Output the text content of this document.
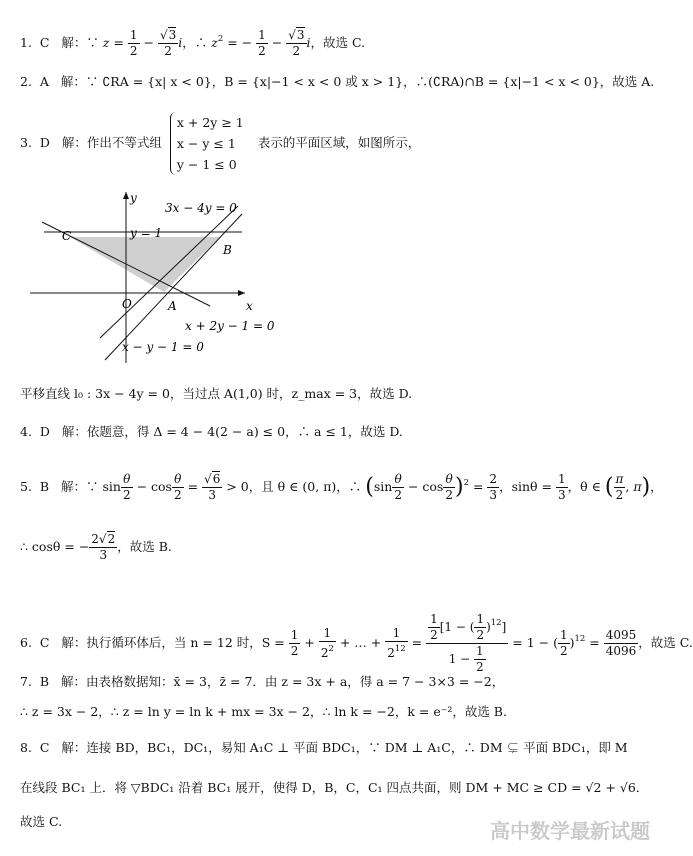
1. C 解：∵ $z = \frac{1}{2} - \frac{√3}{2}$ i，∴ $z^2$ = − $\frac{1}{2} - \frac{√3}{2}$ i，故选 C.
2. A 解：∵ ∁RA = {x| x < 0}，B = {x|−1 < x < 0 或 x > 1}，∴(∁RA)∩B = {x|−1 < x < 0}，故选 A.
3. D 解：作出不等式组
x + 2y ≥ 1
x − y ≤ 1
y − 1 ≤ 0
表示的平面区域，如图所示，
y
x
O
3x − 4y = 0
y = 1
x + 2y − 1 = 0
x − y − 1 = 0
C
B
A
平移直线 l₀ : 3x − 4y = 0，当过点 A(1,0) 时，z_max = 3，故选 D.
4. D 解：依题意，得 Δ = 4 − 4(2 − a) ≤ 0，∴ a ≤ 1，故选 D.
5. B 解：∵ $\sin \frac{\theta}{2} - \cos \frac{\theta}{2} = \frac{√6}{3} > 0$，且 θ ∈ (0, π)，∴ $(\sin \frac{\theta}{2} - \cos \frac{\theta}{2} )^2 = \frac{2}{3}$ ，$\sin\theta = \frac{1}{3}$ ，θ ∈ ( $\frac{\pi}{2}$ , π)，
∴ cosθ = − $\frac{2√2}{3}$ ，故选 B.
6. C 解：执行循环体后，当 n = 12 时，$S = \frac{1}{2} + \frac{1}{2^2}$ + … + $\frac{1}{2^{12}} = \frac{\frac{1}{2} [1 - ( \frac{1}{2} )^{12}]}{1 - \frac{1}{2}} = 1$ − ( $\frac{1}{2} )^{12} = \frac{4095}{4096}$ ，故选 C.
7. B 解：由表格数据知：x̄ = 3，z̄ = 7．由 z = 3x + a，得 a = 7 − 3×3 = −2，
∴ z = 3x − 2，∴ z = ln y = ln k + mx = 3x − 2，∴ ln k = −2，k = e⁻²，故选 B.
8. C 解：连接 BD，BC₁，DC₁，易知 A₁C ⊥ 平面 BDC₁，∵ DM ⊥ A₁C，∴ DM ⊊ 平面 BDC₁，即 M
在线段 BC₁ 上．将 ▽BDC₁ 沿着 BC₁ 展开，使得 D，B，C，C₁ 四点共面，则 DM + MC ≥ CD = √2 + √6．
故选 C.	高中数学最新试题
